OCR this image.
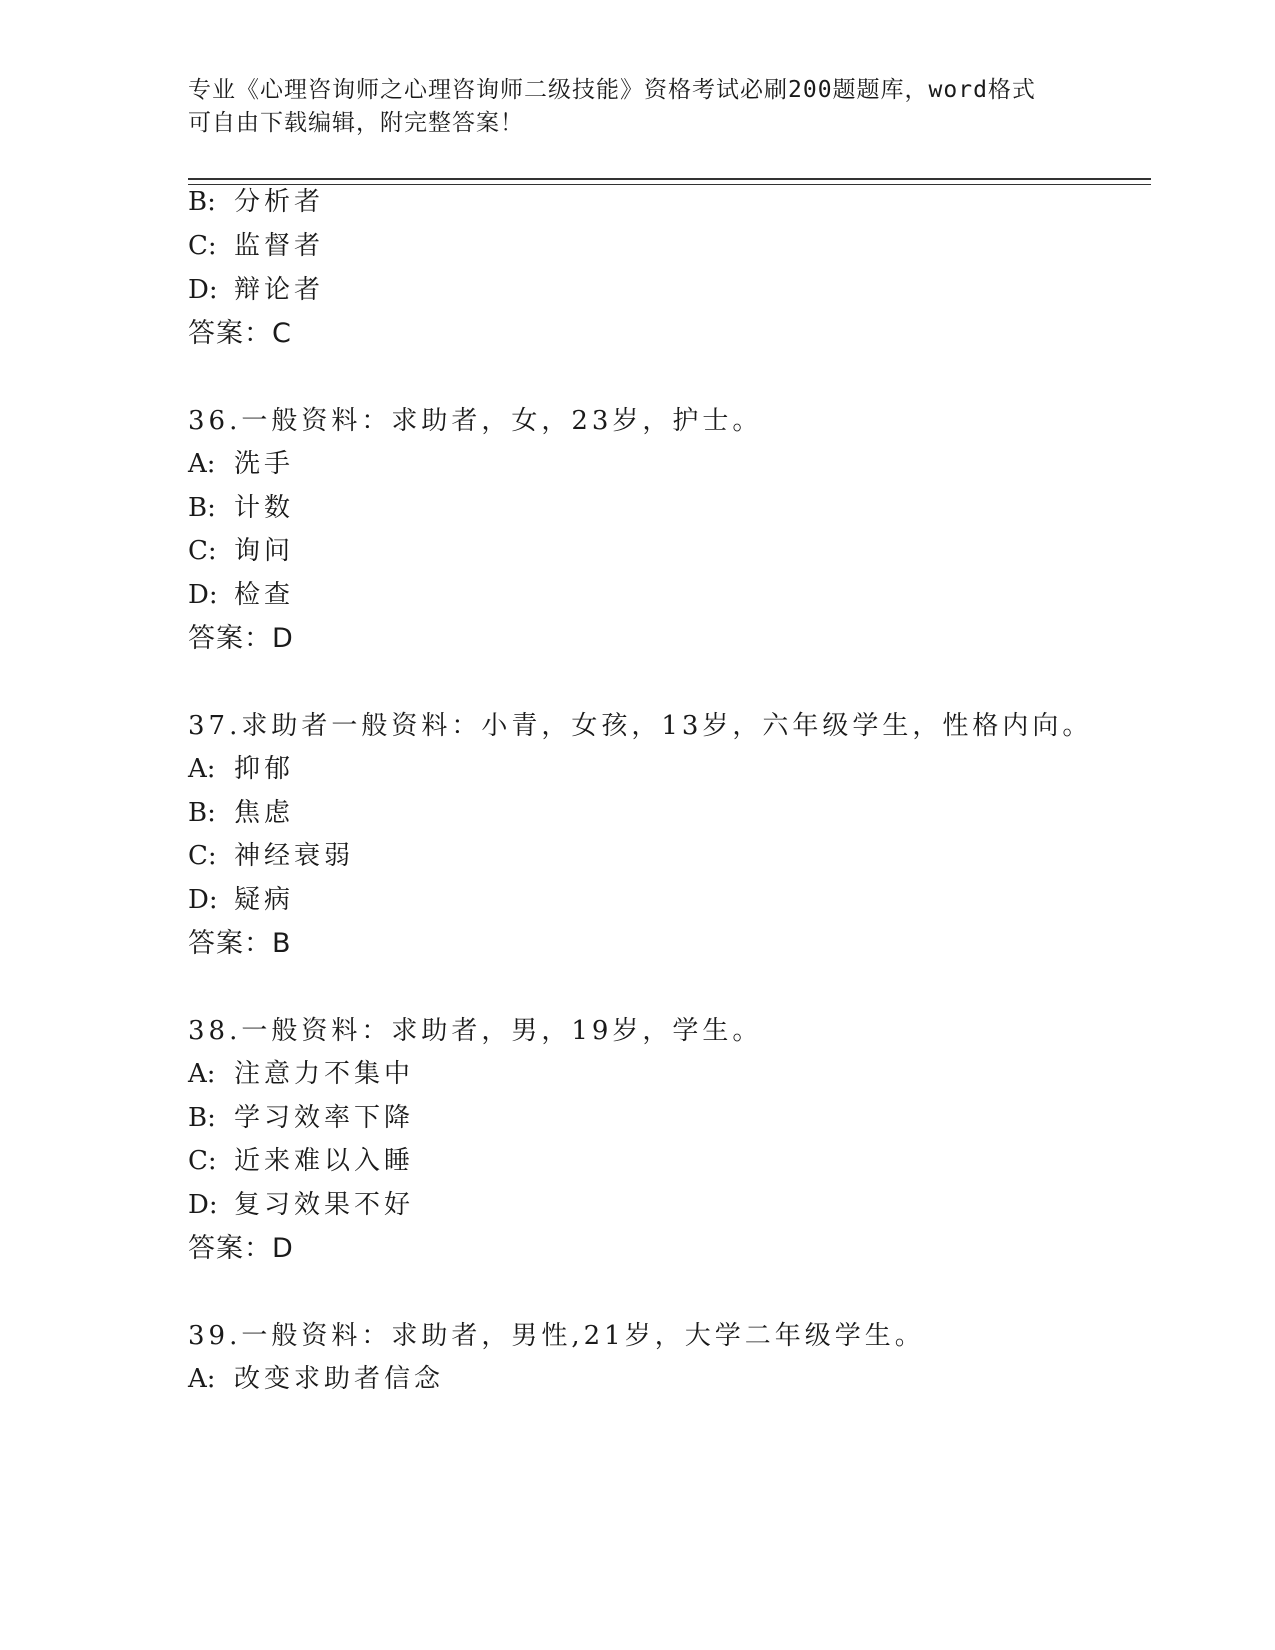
专业《心理咨询师之心理咨询师二级技能》资格考试必刷200题题库，word格式
可自由下载编辑，附完整答案！
B: 分析者
C: 监督者
D: 辩论者
答案：C
36.一般资料：求助者，女，23岁，护士。
A: 洗手
B: 计数
C: 询问
D: 检查
答案：D
37.求助者一般资料：小青，女孩，13岁，六年级学生，性格内向。
A: 抑郁
B: 焦虑
C: 神经衰弱
D: 疑病
答案：B
38.一般资料：求助者，男，19岁，学生。
A: 注意力不集中
B: 学习效率下降
C: 近来难以入睡
D: 复习效果不好
答案：D
39.一般资料：求助者，男性,21岁，大学二年级学生。
A: 改变求助者信念
